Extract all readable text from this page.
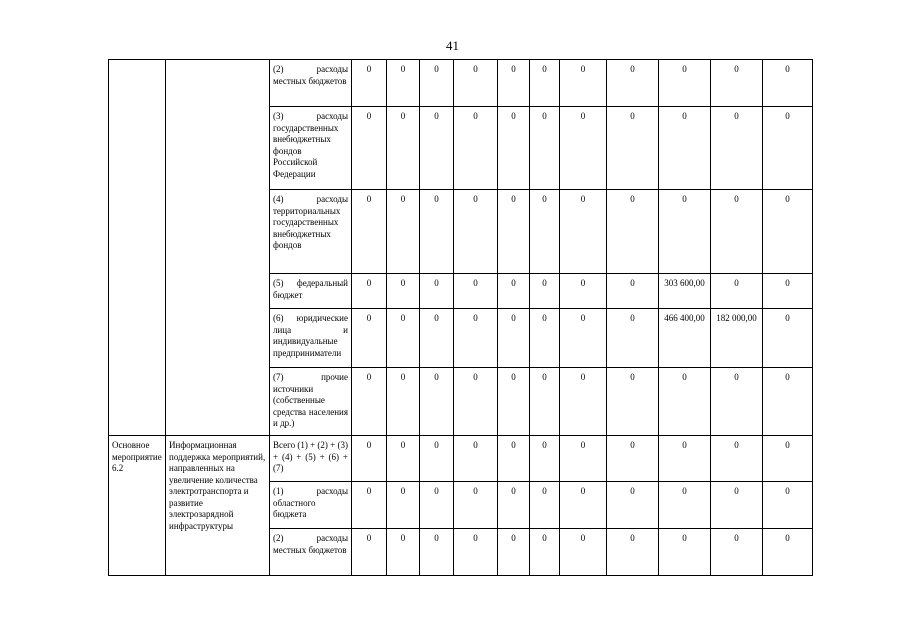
41
		(2) расходы местных бюджетов	0	0	0	0	0	0	0	0	0	0	0
		(3) расходы государственных внебюджетных фондов Российской Федерации	0	0	0	0	0	0	0	0	0	0	0
		(4) расходы территориальных государственных внебюджетных фондов	0	0	0	0	0	0	0	0	0	0	0
		(5) федеральный бюджет	0	0	0	0	0	0	0	0	303 600,00	0	0
		(6) юридические лица и индивидуальные предприниматели	0	0	0	0	0	0	0	0	466 400,00	182 000,00	0
		(7) прочие источники (собственные средства населения и др.)	0	0	0	0	0	0	0	0	0	0	0
Основное мероприятие 6.2	Информационная поддержка мероприятий, направленных на увеличение количества электротранспорта и развитие электрозарядной инфраструктуры	Всего (1) + (2) + (3) + (4) + (5) + (6) + (7)	0	0	0	0	0	0	0	0	0	0	0
		(1) расходы областного бюджета	0	0	0	0	0	0	0	0	0	0	0
		(2) расходы местных бюджетов	0	0	0	0	0	0	0	0	0	0	0
